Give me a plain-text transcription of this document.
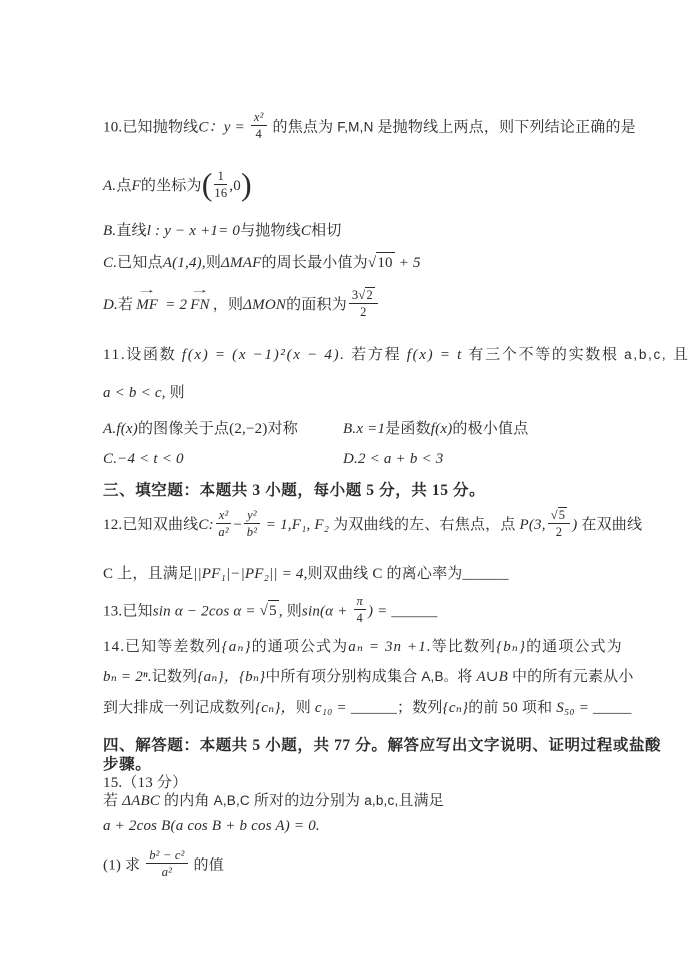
10.已知抛物线C：$y = \frac{\text{x²}}{4}$ 的焦点为 F,M,N 是抛物线上两点，则下列结论正确的是
A.点F的坐标为( $\frac{1}{16} ,0$)
B.直线l : y − x +1= 0与抛物线C相切
C.已知点A(1,4),则ΔMAF的周长最小值为√10 + 5
D.若
→
MF = 2
→
FN ，则ΔMON的面积为 $\frac{3√2}{2}$
11.设函数 f(x) = (x −1)²(x − 4). 若方程 f(x) = t 有三个不等的实数根 a,b,c, 且
a < b < c, 则
A.f(x)的图像关于点(2,−2)对称	B.x =1是函数f(x)的极小值点
C.−4 < t < 0	D.2 < a + b < 3
三、填空题：本题共 3 小题，每小题 5 分，共 15 分。
12.已知双曲线C: $\frac{\text{x²}}{\text{a²}} - \frac{\text{y²}}{\text{b²}} = 1,F_1$, F₂ 为双曲线的左、右焦点，点 P(3, $\frac{√5}{2}$ ) 在双曲线
C 上，且满足||PF₁|−|PF₂|| = 4,则双曲线 C 的离心率为______
13.已知sin α − 2cos α = √5 , 则$\sin(\alpha + \frac{\pi}{4}$ ) = ______
14.已知等差数列{aₙ}的通项公式为aₙ = 3n +1.等比数列{bₙ}的通项公式为
bₙ = 2ⁿ.记数列{aₙ}，{bₙ}中所有项分别构成集合 A,B。将 A∪B 中的所有元素从小
到大排成一列记成数列{cₙ}，则 c₁₀ = ______；数列{cₙ}的前 50 项和 S₅₀ = _____
四、解答题：本题共 5 小题，共 77 分。解答应写出文字说明、证明过程或盐酸
步骤。
15.（13 分）
若 ΔABC 的内角 A,B,C 所对的边分别为 a,b,c,且满足
a + 2cos B(a cos B + b cos A) = 0.
(1) 求 $\frac{\text{b² − c²}}{\text{a²}}$ 的值
